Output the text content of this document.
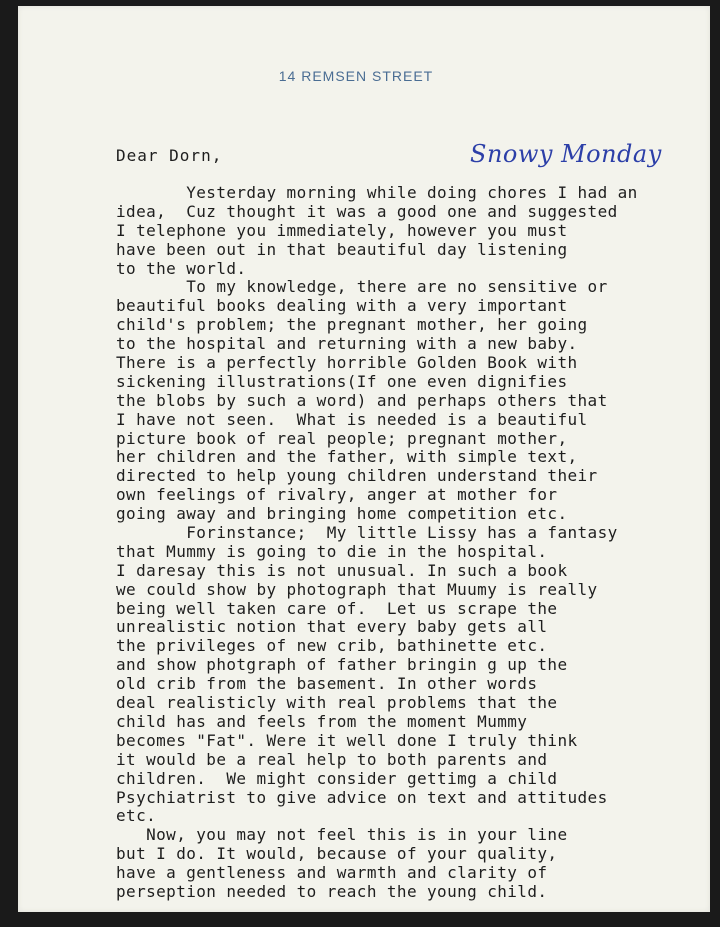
14 REMSEN STREET
Dear Dorn,	Snowy Monday
Yesterday morning while doing chores I had an
idea,  Cuz thought it was a good one and suggested
I telephone you immediately, however you must
have been out in that beautiful day listening
to the world.
To my knowledge, there are no sensitive or
beautiful books dealing with a very important
child's problem; the pregnant mother, her going
to the hospital and returning with a new baby.
There is a perfectly horrible Golden Book with
sickening illustrations(If one even dignifies
the blobs by such a word) and perhaps others that
I have not seen.  What is needed is a beautiful
picture book of real people; pregnant mother,
her children and the father, with simple text,
directed to help young children understand their
own feelings of rivalry, anger at mother for
going away and bringing home competition etc.
Forinstance;  My little Lissy has a fantasy
that Mummy is going to die in the hospital.
I daresay this is not unusual. In such a book
we could show by photograph that Muumy is really
being well taken care of.  Let us scrape the
unrealistic notion that every baby gets all
the privileges of new crib, bathinette etc.
and show photgraph of father bringin g up the
old crib from the basement. In other words
deal realisticly with real problems that the
child has and feels from the moment Mummy
becomes "Fat". Were it well done I truly think
it would be a real help to both parents and
children.  We might consider gettimg a child
Psychiatrist to give advice on text and attitudes
etc.
Now, you may not feel this is in your line
but I do. It would, because of your quality,
have a gentleness and warmth and clarity of
perseption needed to reach the young child.
